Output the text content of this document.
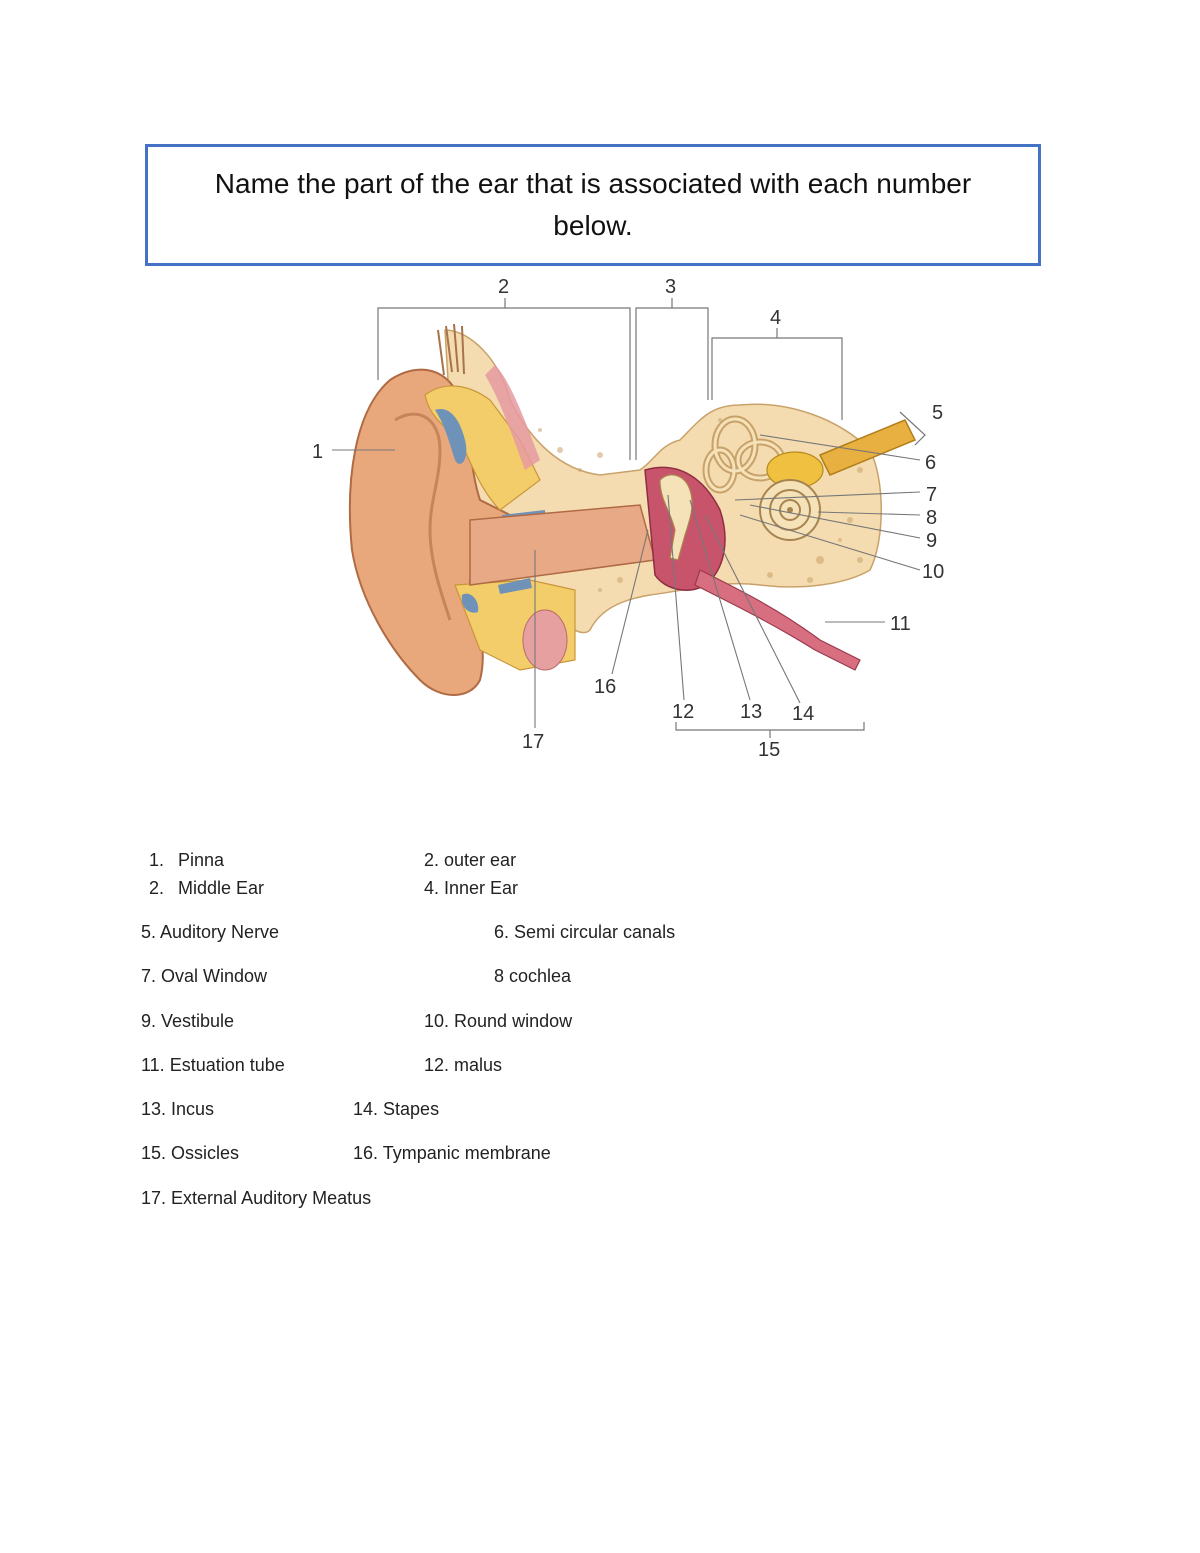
Name the part of the ear that is associated with each number below.
1
2	3
4
5
6
7
8
9
10
11
12 13 14
15
16
17
1. Pinna	2. outer ear
2. Middle Ear	4. Inner Ear
5. Auditory Nerve	6. Semi circular canals
7. Oval Window	8 cochlea
9. Vestibule	10. Round window
11. Estuation tube	12. malus
13. Incus	14. Stapes
15. Ossicles	16. Tympanic membrane
17. External Auditory Meatus
